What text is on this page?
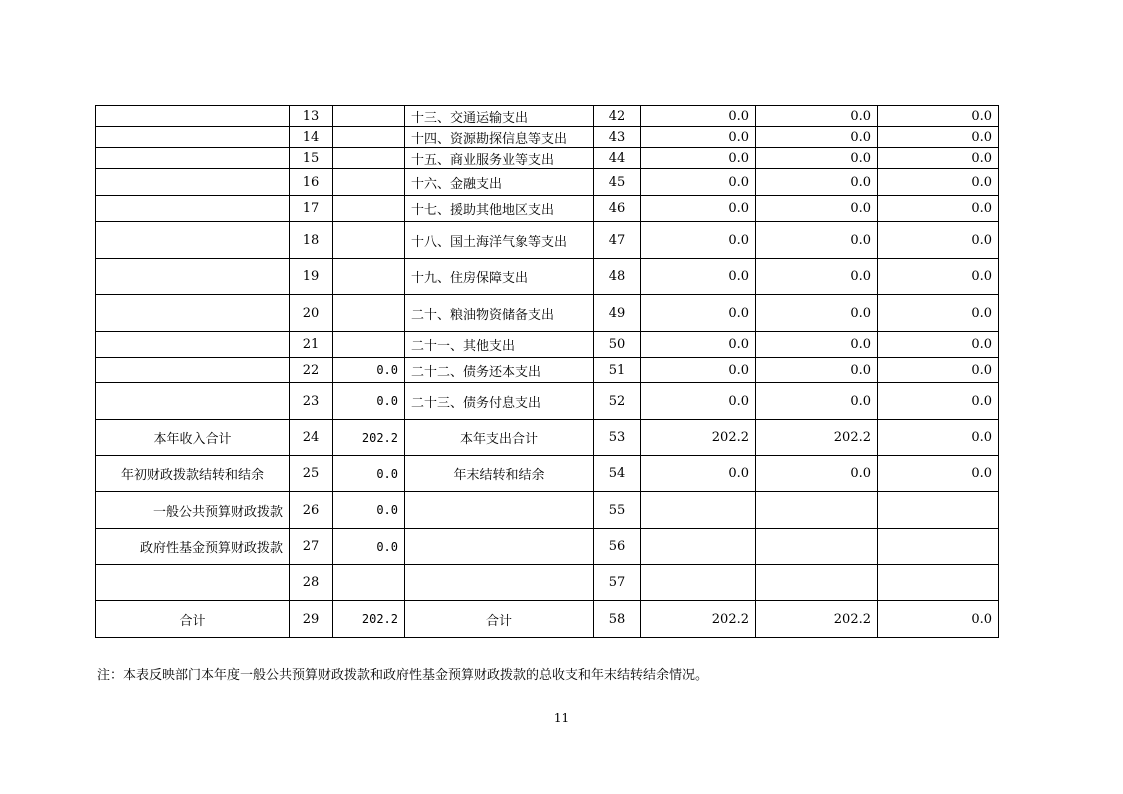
	13		十三、交通运输支出	42	0.0	0.0	0.0
	14		十四、资源勘探信息等支出	43	0.0	0.0	0.0
	15		十五、商业服务业等支出	44	0.0	0.0	0.0
	16		十六、金融支出	45	0.0	0.0	0.0
	17		十七、援助其他地区支出	46	0.0	0.0	0.0
	18		十八、国土海洋气象等支出	47	0.0	0.0	0.0
	19		十九、住房保障支出	48	0.0	0.0	0.0
	20		二十、粮油物资储备支出	49	0.0	0.0	0.0
	21		二十一、其他支出	50	0.0	0.0	0.0
	22	0.0	二十二、债务还本支出	51	0.0	0.0	0.0
	23	0.0	二十三、债务付息支出	52	0.0	0.0	0.0
本年收入合计	24	202.2	本年支出合计	53	202.2	202.2	0.0
年初财政拨款结转和结余	25	0.0	年末结转和结余	54	0.0	0.0	0.0
一般公共预算财政拨款	26	0.0		55			
政府性基金预算财政拨款	27	0.0		56			
	28			57			
合计	29	202.2	合计	58	202.2	202.2	0.0
注：本表反映部门本年度一般公共预算财政拨款和政府性基金预算财政拨款的总收支和年末结转结余情况。
11
